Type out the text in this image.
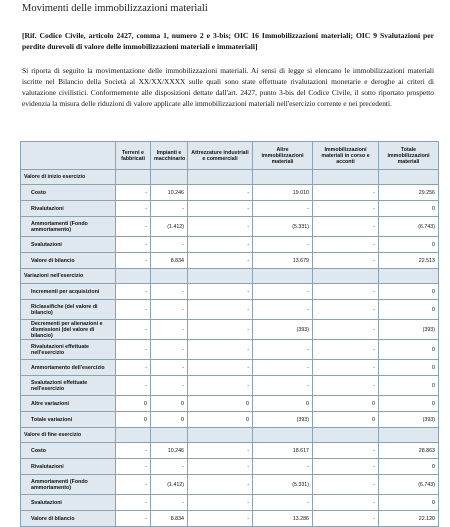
Movimenti delle immobilizzazioni materiali
[Rif. Codice Civile, articolo 2427, comma 1, numero 2 e 3-bis; OIC 16 Immobilizzazioni materiali; OIC 9 Svalutazioni per perdite durevoli di valore delle immobilizzazioni materiali e immateriali]
Si riporta di seguito la movimentazione delle immobilizzazioni materiali. Ai sensi di legge si elencano le immobilizzazioni materiali iscritte nel Bilancio della Società al XX/XX/XXXX sulle quali sono state effettuate rivalutazioni monetarie e deroghe ai criteri di valutazione civilistici. Conformemente alle disposizioni dettate dall'art. 2427, punto 3-bis del Codice Civile, il sotto riportato prospetto evidenzia la misura delle riduzioni di valore applicate alle immobilizzazioni materiali nell'esercizio corrente e nei precedenti.
	Terreni e fabbricati	Impianti e macchinario	Attrezzature industriali e commerciali	Altre immobilizzazioni materiali	Immobilizzazioni materiali in corso e acconti	Totale immobilizzazioni materiali
Valore di inizio esercizio						
Costo	-	10.246	-	19.010	-	29.256
Rivalutazioni	-	-	-	-	-	0
Ammortamenti (Fondo ammortamento)	-	(1.412)	-	(5.331)	-	(6.743)
Svalutazioni	-	-	-	-	-	0
Valore di bilancio	-	8.834	-	13.679	-	22.513
Variazioni nell'esercizio						
Incrementi per acquisizioni	-	-	-	-	-	0
Riclassifiche (del valore di bilancio)	-	-	-	-	-	0
Decrementi per alienazioni e dismissioni (del valore di bilancio)	-	-	-	(393)	-	(393)
Rivalutazioni effettuate nell'esercizio	-	-	-	-	-	0
Ammortamento dell'esercizio	-	-	-	-	-	0
Svalutazioni effettuate nell'esercizio	-	-	-	-	-	0
Altre variazioni	0	0	0	0	0	0
Totale variazioni	0	0	0	(393)	0	(393)
Valore di fine esercizio						
Costo	-	10.246	-	18.617	-	28.863
Rivalutazioni	-	-	-	-	-	0
Ammortamenti (Fondo ammortamento)	-	(1.412)	-	(5.331)	-	(6.743)
Svalutazioni	-	-	-	-	-	0
Valore di bilancio	-	8.834	-	13.286	-	22.120
